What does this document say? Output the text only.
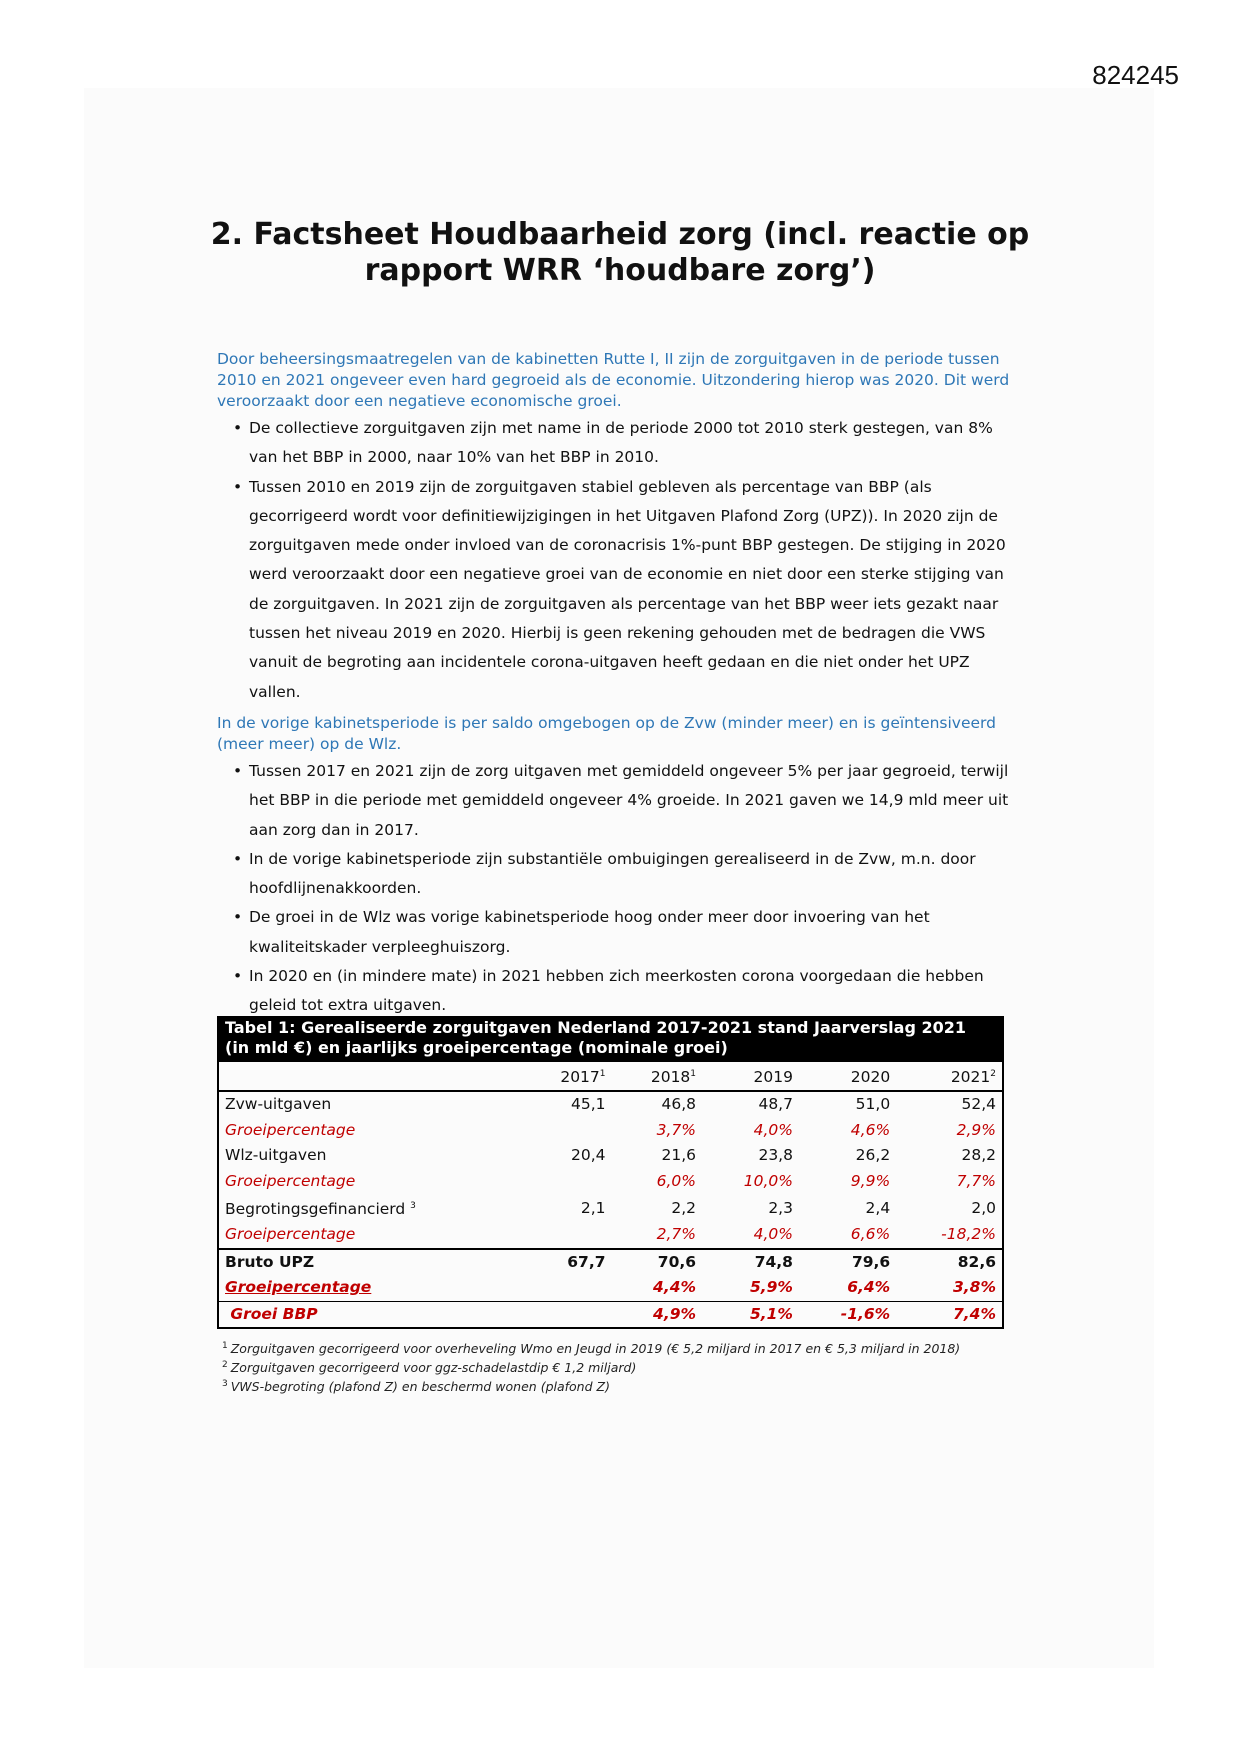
824245
2. Factsheet Houdbaarheid zorg (incl. reactie op
rapport WRR ‘houdbare zorg’)

Door beheersingsmaatregelen van de kabinetten Rutte I, II zijn de zorguitgaven in de periode tussen 2010 en 2021 ongeveer even hard gegroeid als de economie. Uitzondering hierop was 2020. Dit werd veroorzaakt door een negatieve economische groei.

• De collectieve zorguitgaven zijn met name in de periode 2000 tot 2010 sterk gestegen, van 8% van het BBP in 2000, naar 10% van het BBP in 2010.
• Tussen 2010 en 2019 zijn de zorguitgaven stabiel gebleven als percentage van BBP (als gecorrigeerd wordt voor definitiewijzigingen in het Uitgaven Plafond Zorg (UPZ)). In 2020 zijn de zorguitgaven mede onder invloed van de coronacrisis 1%-punt BBP gestegen. De stijging in 2020 werd veroorzaakt door een negatieve groei van de economie en niet door een sterke stijging van de zorguitgaven. In 2021 zijn de zorguitgaven als percentage van het BBP weer iets gezakt naar tussen het niveau 2019 en 2020. Hierbij is geen rekening gehouden met de bedragen die VWS vanuit de begroting aan incidentele corona-uitgaven heeft gedaan en die niet onder het UPZ vallen.

In de vorige kabinetsperiode is per saldo omgebogen op de Zvw (minder meer) en is geïntensiveerd (meer meer) op de Wlz.

• Tussen 2017 en 2021 zijn de zorg uitgaven met gemiddeld ongeveer 5% per jaar gegroeid, terwijl het BBP in die periode met gemiddeld ongeveer 4% groeide. In 2021 gaven we 14,9 mld meer uit aan zorg dan in 2017.
• In de vorige kabinetsperiode zijn substantiële ombuigingen gerealiseerd in de Zvw, m.n. door hoofdlijnenakkoorden.
• De groei in de Wlz was vorige kabinetsperiode hoog onder meer door invoering van het kwaliteitskader verpleeghuiszorg.
• In 2020 en (in mindere mate) in 2021 hebben zich meerkosten corona voorgedaan die hebben geleid tot extra uitgaven.
Tabel 1: Gerealiseerde zorguitgaven Nederland 2017-2021 stand Jaarverslag 2021
(in mld €) en jaarlijks groeipercentage (nominale groei)
	2017$^1$	2018$^1$	2019	2020	2021$^2$
Zvw-uitgaven	45,1	46,8	48,7	51,0	52,4
Groeipercentage		3,7%	4,0%	4,6%	2,9%
Wlz-uitgaven	20,4	21,6	23,8	26,2	28,2
Groeipercentage		6,0%	10,0%	9,9%	7,7%
Begrotingsgefinancierd $^3$	2,1	2,2	2,3	2,4	2,0
Groeipercentage		2,7%	4,0%	6,6%	-18,2%
Bruto UPZ	67,7	70,6	74,8	79,6	82,6
Groeipercentage		4,4%	5,9%	6,4%	3,8%
Groei BBP		4,9%	5,1%	-1,6%	7,4%

$^1$ Zorguitgaven gecorrigeerd voor overheveling Wmo en Jeugd in 2019 (€ 5,2 miljard in 2017 en € 5,3 miljard in 2018)

$^2$ Zorguitgaven gecorrigeerd voor ggz-schadelastdip € 1,2 miljard)

$^3$ VWS-begroting (plafond Z) en beschermd wonen (plafond Z)
